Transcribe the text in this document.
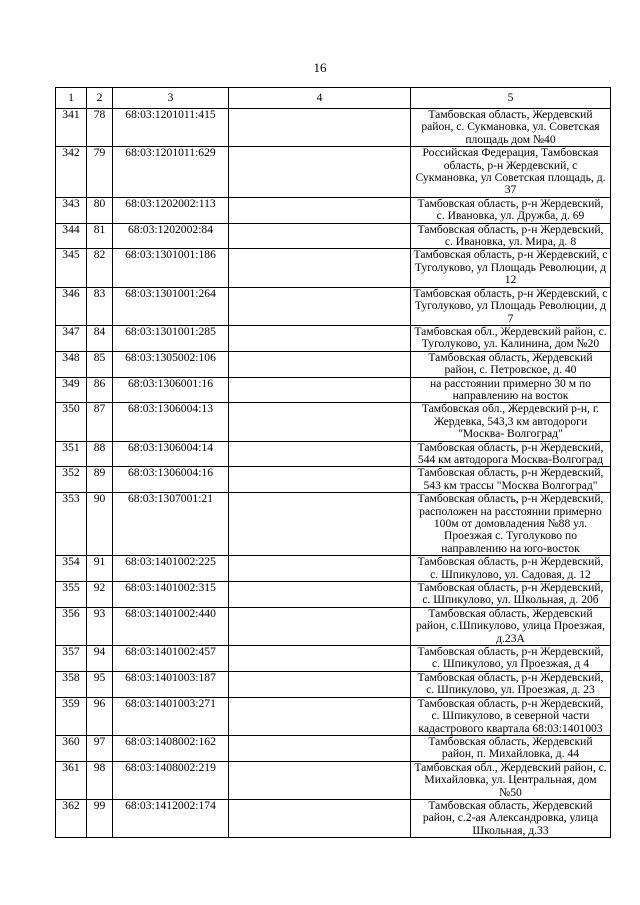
16
1	2	3	4	5
341	78	68:03:1201011:415		Тамбовская область, Жердевский район, с. Сукмановка, ул. Советская площадь дом №40
342	79	68:03:1201011:629		Российская Федерация, Тамбовская область, р-н Жердевский, с Сукмановка, ул Советская площадь, д. 37
343	80	68:03:1202002:113		Тамбовская область, р-н Жердевский, с. Ивановка, ул. Дружба, д. 69
344	81	68:03:1202002:84		Тамбовская область, р-н Жердевский, с. Ивановка, ул. Мира, д. 8
345	82	68:03:1301001:186		Тамбовская область, р-н Жердевский, с Туголуково, ул Площадь Революции, д 12
346	83	68:03:1301001:264		Тамбовская область, р-н Жердевский, с Туголуково, ул Площадь Революции, д 7
347	84	68:03:1301001:285		Тамбовская обл., Жердевский район, с. Туголуково, ул. Калинина, дом №20
348	85	68:03:1305002:106		Тамбовская область, Жердевский район, с. Петровское, д. 40
349	86	68:03:1306001:16		на расстоянии примерно 30 м по направлению на восток
350	87	68:03:1306004:13		Тамбовская обл., Жердевский р-н, г. Жердевка, 543,3 км автодороги "Москва- Волгоград"
351	88	68:03:1306004:14		Тамбовская область, р-н Жердевский, 544 км автодорога Москва-Волгоград
352	89	68:03:1306004:16		Тамбовская область, р-н Жердевский, 543 км трассы "Москва Волгоград"
353	90	68:03:1307001:21		Тамбовская область, р-н Жердевский, расположен на расстоянии примерно 100м от домовладения №88 ул. Проезжая с. Туголуково по направлению на юго-восток
354	91	68:03:1401002:225		Тамбовская область, р-н Жердевский, с. Шпикулово, ул. Садовая, д. 12
355	92	68:03:1401002:315		Тамбовская область, р-н Жердевский, с. Шпикулово, ул. Школьная, д. 20б
356	93	68:03:1401002:440		Тамбовская область, Жердевский район, с.Шпикулово, улица Проезжая, д.23А
357	94	68:03:1401002:457		Тамбовская область, р-н Жердевский, с. Шпикулово, ул Проезжая, д 4
358	95	68:03:1401003:187		Тамбовская область, р-н Жердевский, с. Шпикулово, ул. Проезжая, д. 23
359	96	68:03:1401003:271		Тамбовская область, р-н Жердевский, с. Шпикулово, в северной части кадастрового квартала 68:03:1401003
360	97	68:03:1408002:162		Тамбовская область, Жердевский район, п. Михайловка, д. 44
361	98	68:03:1408002:219		Тамбовская обл., Жердевский район, с. Михайловка, ул. Центральная, дом №50
362	99	68:03:1412002:174		Тамбовская область, Жердевский район, с.2-ая Александровка, улица Школьная, д.33
